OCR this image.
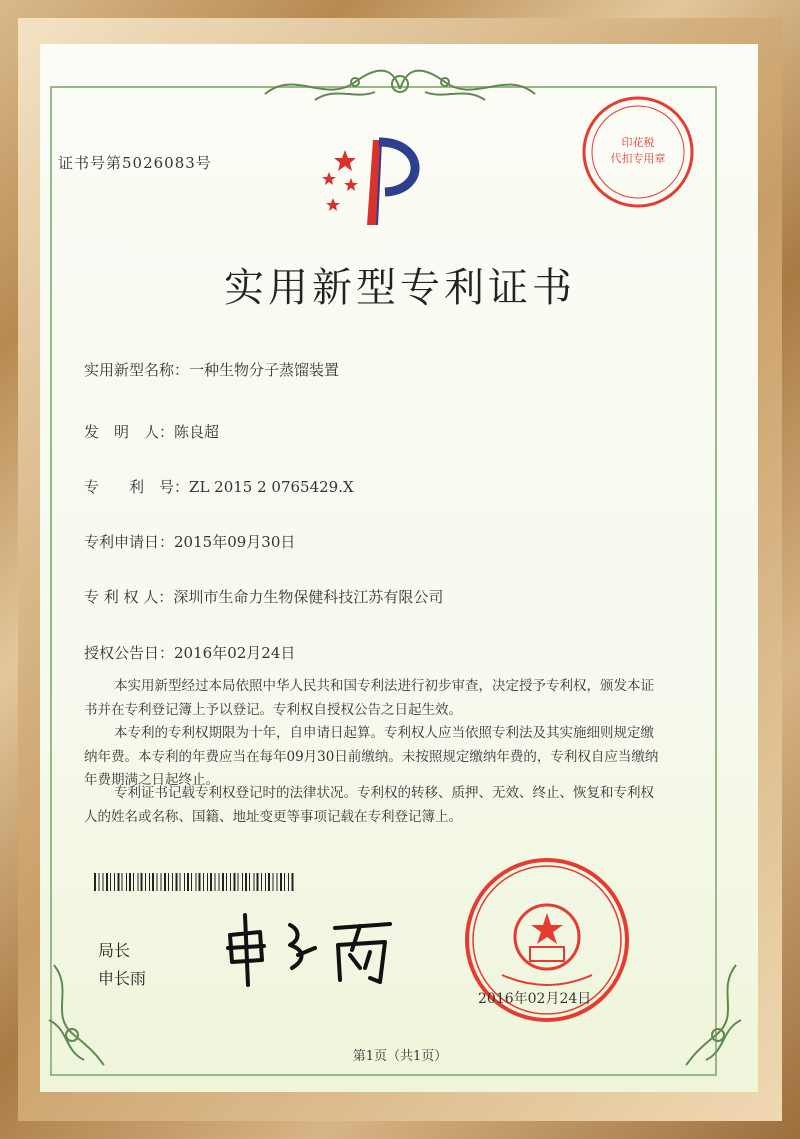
证书号第5026083号
印花税
代扣专用章
实用新型专利证书
实用新型名称：一种生物分子蒸馏装置
发　明　人：陈良超
专　　利　号：ZL 2015 2 0765429.X
专利申请日：2015年09月30日
专 利 权 人：深圳市生命力生物保健科技江苏有限公司
授权公告日：2016年02月24日
本实用新型经过本局依照中华人民共和国专利法进行初步审查，决定授予专利权，颁发本证书并在专利登记簿上予以登记。专利权自授权公告之日起生效。
本专利的专利权期限为十年，自申请日起算。专利权人应当依照专利法及其实施细则规定缴纳年费。本专利的年费应当在每年09月30日前缴纳。未按照规定缴纳年费的，专利权自应当缴纳年费期满之日起终止。
专利证书记载专利权登记时的法律状况。专利权的转移、质押、无效、终止、恢复和专利权人的姓名或名称、国籍、地址变更等事项记载在专利登记簿上。
局长
申长雨
2016年02月24日
第1页（共1页）
